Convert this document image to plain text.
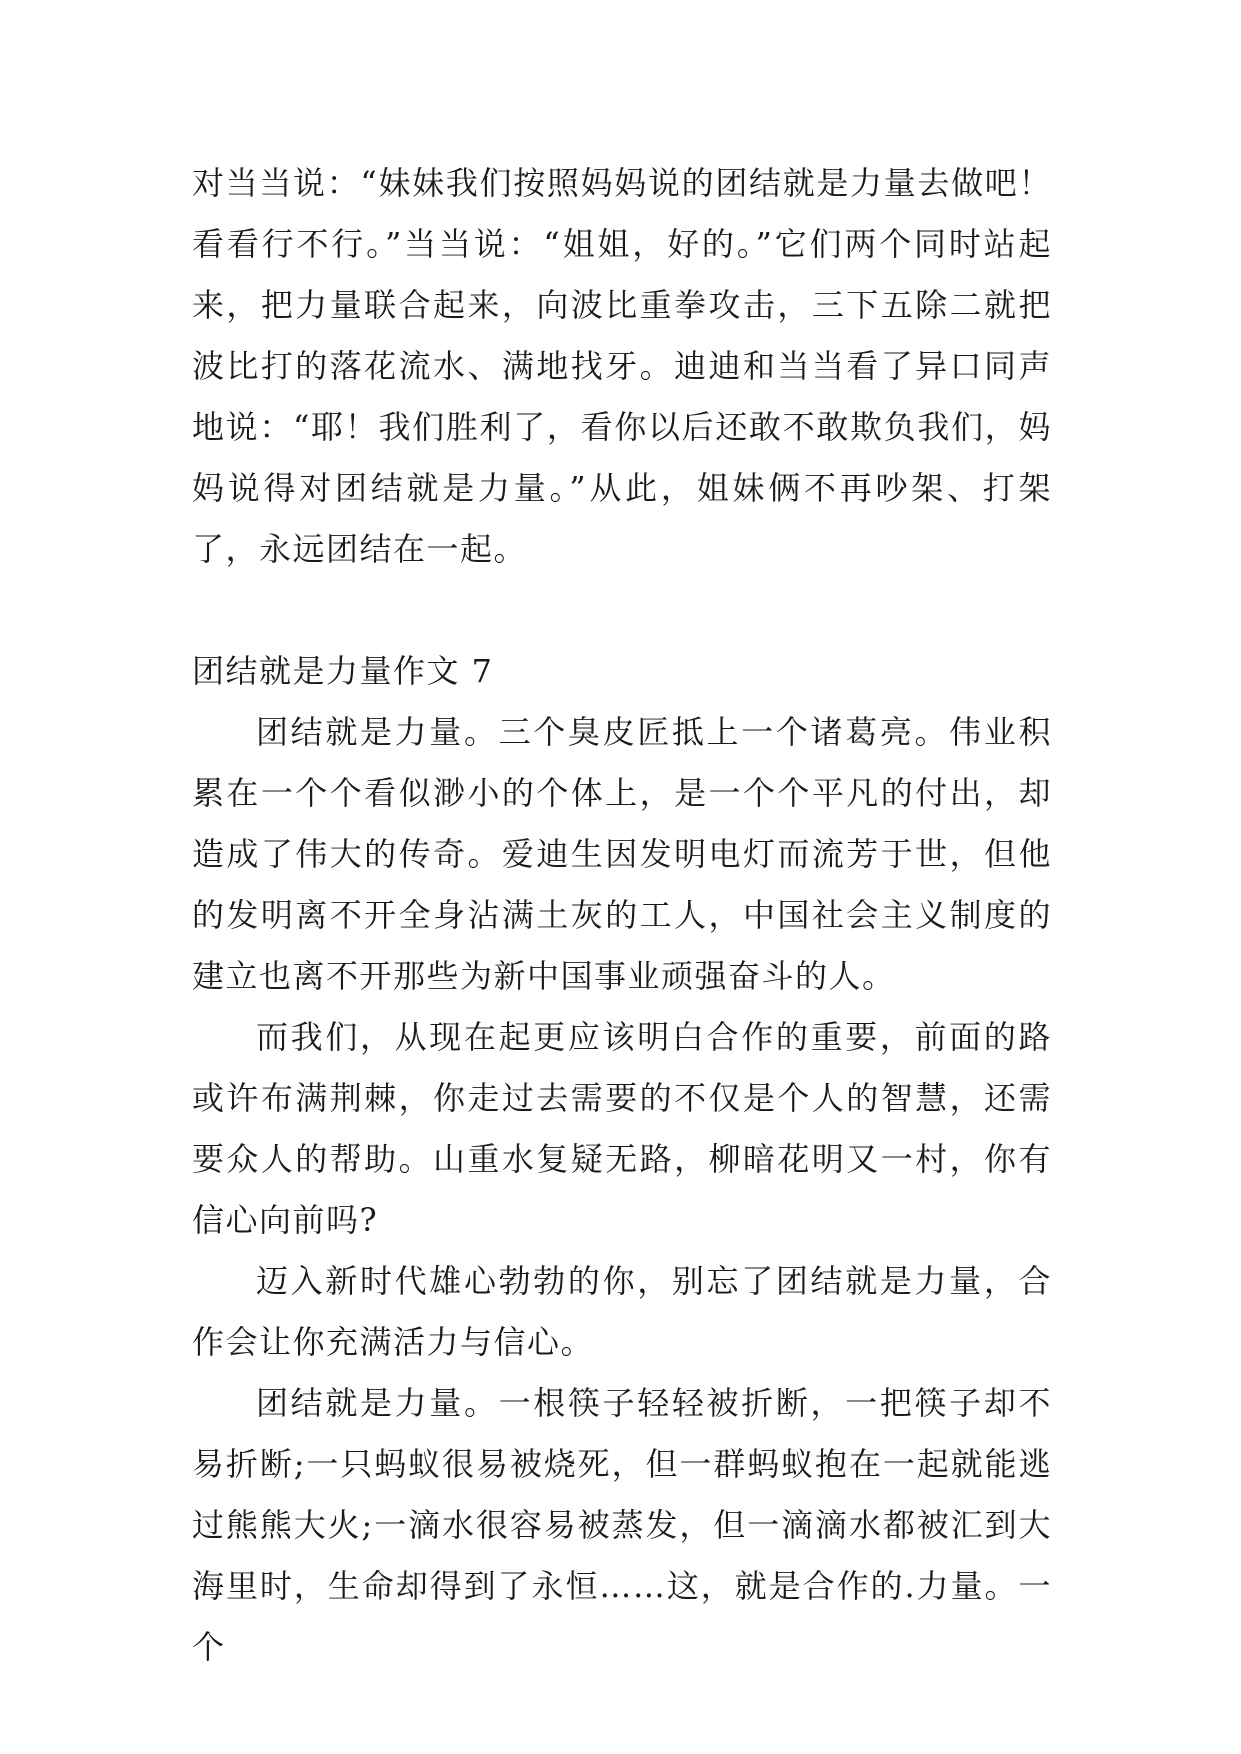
对当当说：“妹妹我们按照妈妈说的团结就是力量去做吧！看看行不行。”当当说：“姐姐，好的。”它们两个同时站起来，把力量联合起来，向波比重拳攻击，三下五除二就把波比打的落花流水、满地找牙。迪迪和当当看了异口同声地说：“耶！我们胜利了，看你以后还敢不敢欺负我们，妈妈说得对团结就是力量。”从此，姐妹俩不再吵架、打架了，永远团结在一起。

团结就是力量作文 7

团结就是力量。三个臭皮匠抵上一个诸葛亮。伟业积累在一个个看似渺小的个体上，是一个个平凡的付出，却造成了伟大的传奇。爱迪生因发明电灯而流芳于世，但他的发明离不开全身沾满土灰的工人，中国社会主义制度的建立也离不开那些为新中国事业顽强奋斗的人。

而我们，从现在起更应该明白合作的重要，前面的路或许布满荆棘，你走过去需要的不仅是个人的智慧，还需要众人的帮助。山重水复疑无路，柳暗花明又一村，你有信心向前吗?

迈入新时代雄心勃勃的你，别忘了团结就是力量，合作会让你充满活力与信心。

团结就是力量。一根筷子轻轻被折断，一把筷子却不易折断;一只蚂蚁很易被烧死，但一群蚂蚁抱在一起就能逃过熊熊大火;一滴水很容易被蒸发，但一滴滴水都被汇到大海里时，生命却得到了永恒……这，就是合作的.力量。一个
